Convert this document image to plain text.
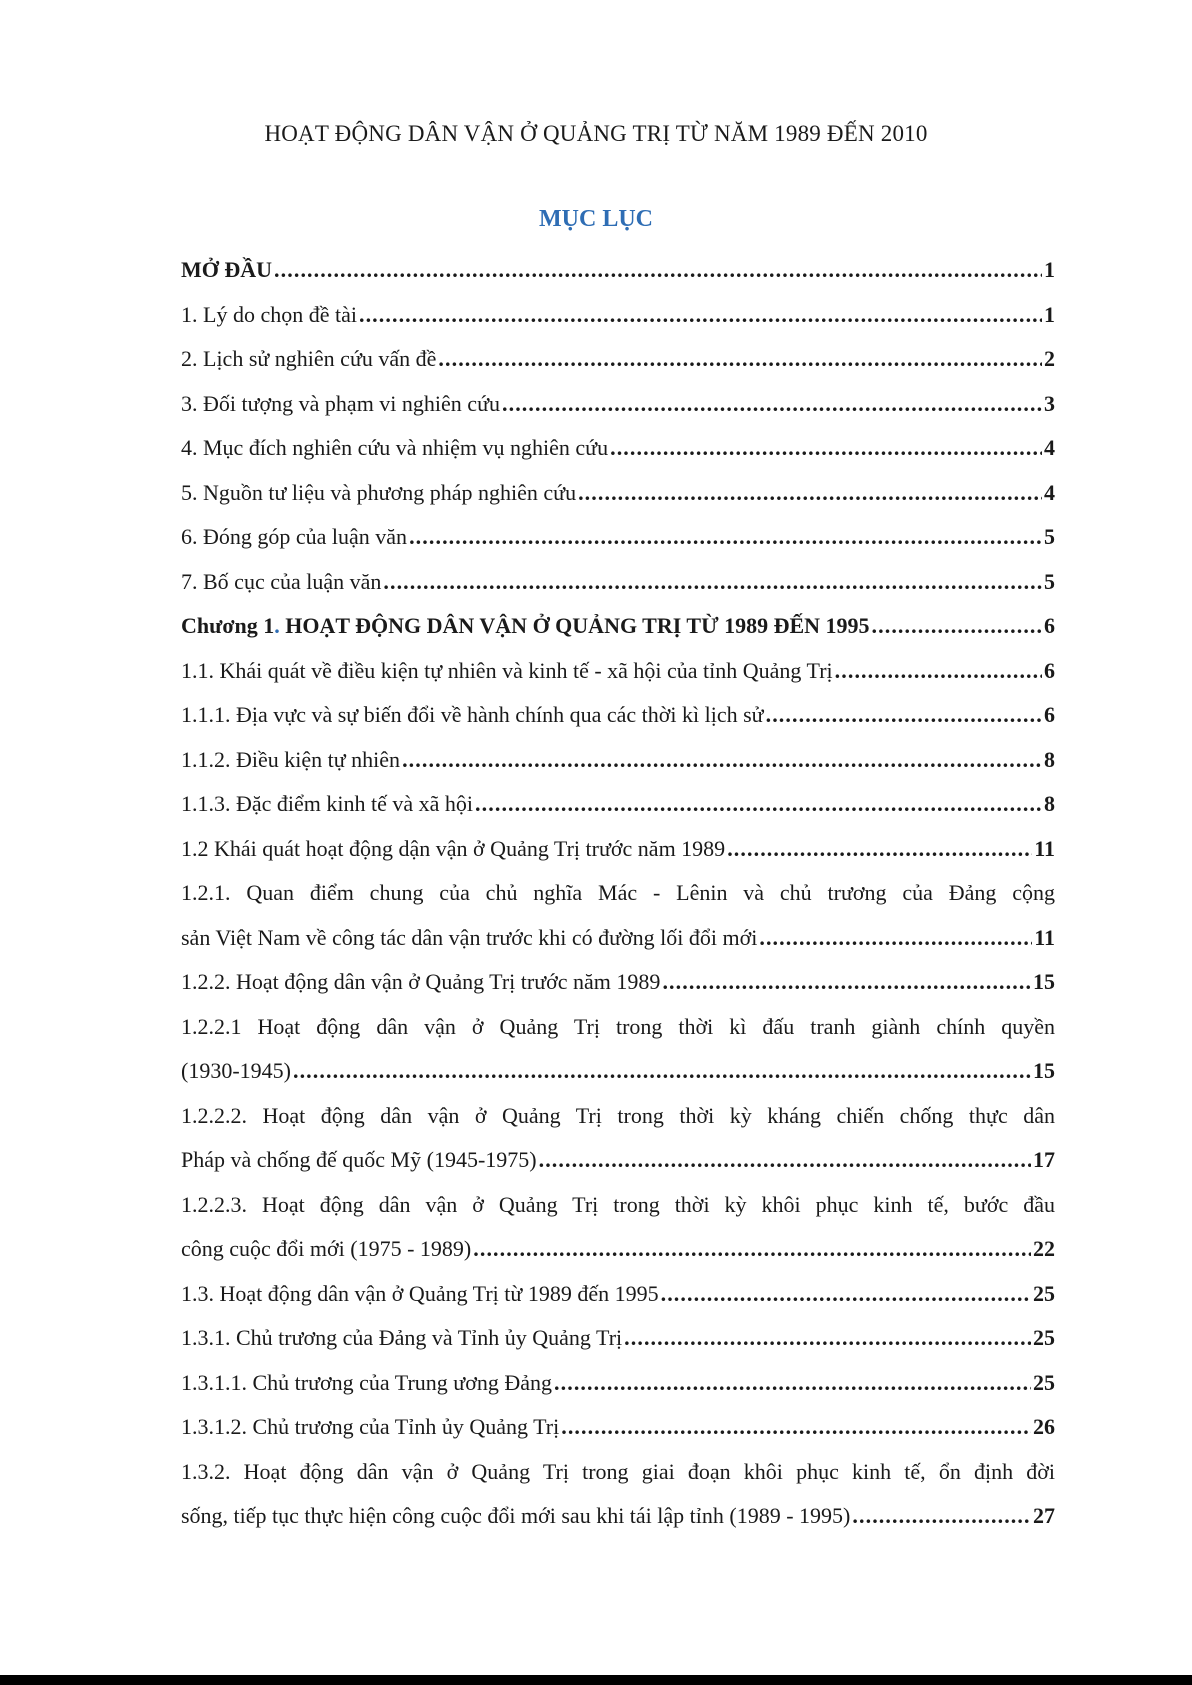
HOẠT ĐỘNG DÂN VẬN Ở QUẢNG TRỊ TỪ NĂM 1989 ĐẾN 2010
MỤC LỤC
MỞ ĐẦU . . .	1
1. Lý do chọn đề tài . . .	1
2. Lịch sử nghiên cứu vấn đề . . .	2
3. Đối tượng và phạm vi nghiên cứu . . .	3
4. Mục đích nghiên cứu và nhiệm vụ nghiên cứu . . .	4
5. Nguồn tư liệu và phương pháp nghiên cứu . . .	4
6. Đóng góp của luận văn . . .	5
7. Bố cục của luận văn . . .	5
Chương 1. HOẠT ĐỘNG DÂN VẬN Ở QUẢNG TRỊ TỪ 1989 ĐẾN 1995 . . .	6
1.1. Khái quát về điều kiện tự nhiên và kinh tế - xã hội của tỉnh Quảng Trị . . .	6
1.1.1. Địa vực và sự biến đổi về hành chính qua các thời kì lịch sử . . .	6
1.1.2. Điều kiện tự nhiên . . .	8
1.1.3. Đặc điểm kinh tế và xã hội . . .	8
1.2 Khái quát hoạt động dận vận ở Quảng Trị trước năm 1989 . . .	11
1.2.1. Quan điểm chung của chủ nghĩa Mác - Lênin và chủ trương của Đảng cộng
sản Việt Nam về công tác dân vận trước khi có đường lối đổi mới . . .	11
1.2.2. Hoạt động dân vận ở Quảng Trị trước năm 1989 . . .	15
1.2.2.1 Hoạt động dân vận ở Quảng Trị trong thời kì đấu tranh giành chính quyền
(1930-1945) . . .	15
1.2.2.2. Hoạt động dân vận ở Quảng Trị trong thời kỳ kháng chiến chống thực dân
Pháp và chống đế quốc Mỹ (1945-1975) . . .	17
1.2.2.3. Hoạt động dân vận ở Quảng Trị trong thời kỳ khôi phục kinh tế, bước đầu
công cuộc đổi mới (1975 - 1989) . . .	22
1.3. Hoạt động dân vận ở Quảng Trị từ 1989 đến 1995 . . .	25
1.3.1. Chủ trương của Đảng và Tỉnh ủy Quảng Trị . . .	25
1.3.1.1. Chủ trương của Trung ương Đảng . . .	25
1.3.1.2. Chủ trương của Tỉnh ủy Quảng Trị . . .	26
1.3.2. Hoạt động dân vận ở Quảng Trị trong giai đoạn khôi phục kinh tế, ổn định đời
sống, tiếp tục thực hiện công cuộc đổi mới sau khi tái lập tỉnh (1989 - 1995) . . .	27
